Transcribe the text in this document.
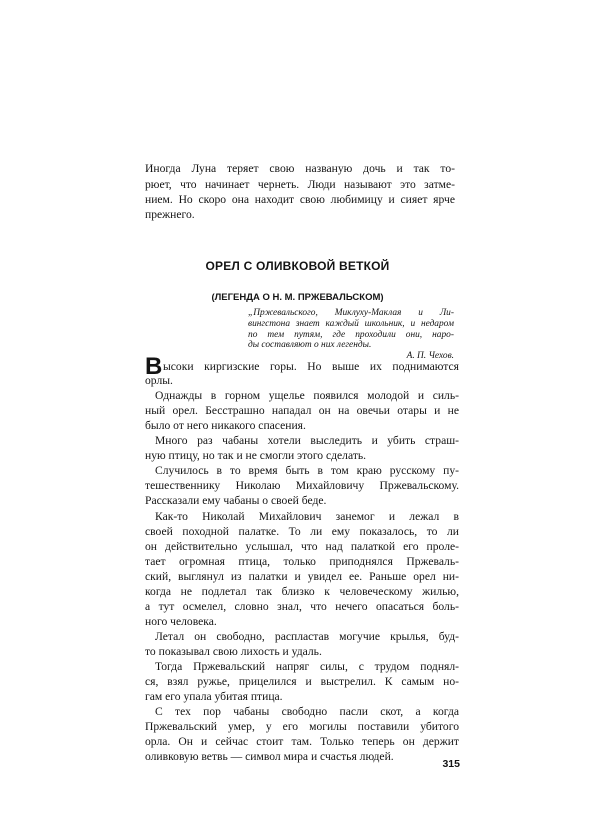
Иногда Луна теряет свою названую дочь и так то-
рюет, что начинает чернеть. Люди называют это затме-
нием. Но скоро она находит свою любимицу и сияет ярче
прежнего.
ОРЕЛ С ОЛИВКОВОЙ ВЕТКОЙ
(ЛЕГЕНДА О Н. М. ПРЖЕВАЛЬСКОМ)
„Пржевальского, Миклуху-Маклая и Ли-
вингстона знает каждый школьник, и недаром
по тем путям, где проходили они, наро-
ды составляют о них легенды.
А. П. Чехов.
В ысоки киргизские горы. Но выше их поднимаются
орлы.
Однажды в горном ущелье появился молодой и силь-
ный орел. Бесстрашно нападал он на овечьи отары и не
было от него никакого спасения.
Много раз чабаны хотели выследить и убить страш-
ную птицу, но так и не смогли этого сделать.
Случилось в то время быть в том краю русскому пу-
тешественнику Николаю Михайловичу Пржевальскому.
Рассказали ему чабаны о своей беде.
Как-то Николай Михайлович занемог и лежал в
своей походной палатке. То ли ему показалось, то ли
он действительно услышал, что над палаткой его проле-
тает огромная птица, только приподнялся Пржеваль-
ский, выглянул из палатки и увидел ее. Раньше орел ни-
когда не подлетал так близко к человеческому жилью,
а тут осмелел, словно знал, что нечего опасаться боль-
ного человека.
Летал он свободно, распластав могучие крылья, буд-
то показывал свою лихость и удаль.
Тогда Пржевальский напряг силы, с трудом поднял-
ся, взял ружье, прицелился и выстрелил. К самым но-
гам его упала убитая птица.
С тех пор чабаны свободно пасли скот, а когда
Пржевальский умер, у его могилы поставили убитого
орла. Он и сейчас стоит там. Только теперь он держит
оливковую ветвь — символ мира и счастья людей.
315
